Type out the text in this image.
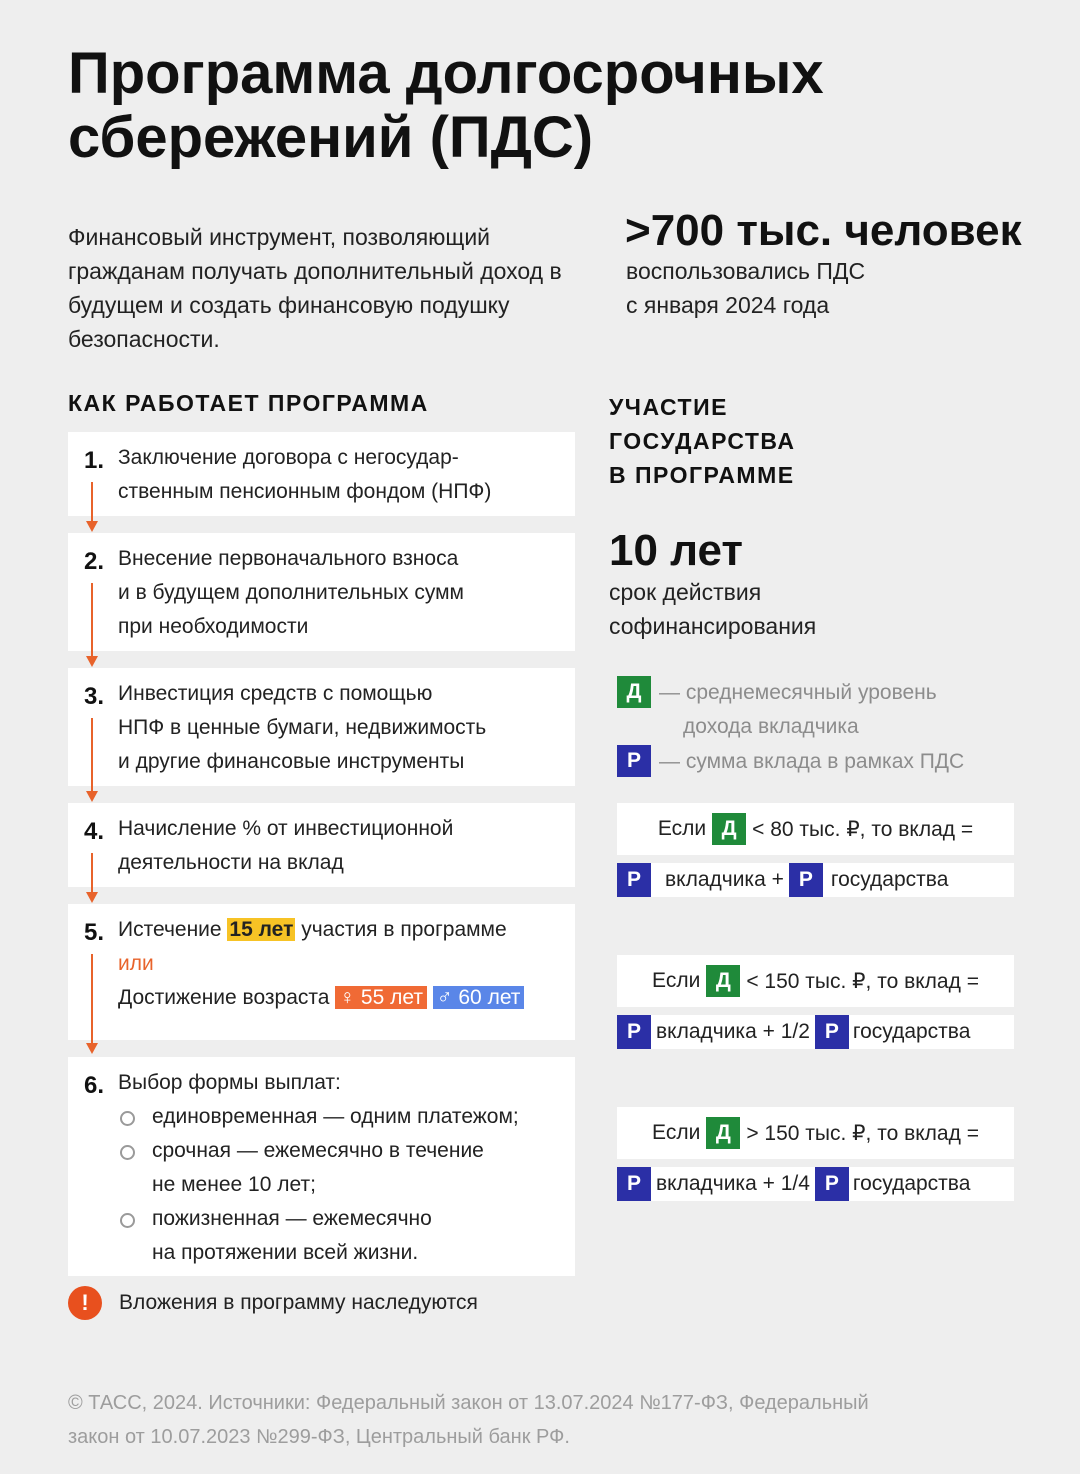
Программа долгосрочных
сбережений (ПДС)

Финансовый инструмент, позволяющий гражданам получать дополнительный доход в будущем и создать финансовую подушку безопасности.

>700 тыс. человек
воспользовались ПДС
с января 2024 года
КАК РАБОТАЕТ ПРОГРАММА
1. Заключение договора с негосудар-
ственным пенсионным фондом (НПФ)
2. Внесение первоначального взноса
и в будущем дополнительных сумм
при необходимости
3. Инвестиция средств с помощью
НПФ в ценные бумаги, недвижимость
и другие финансовые инструменты
4. Начисление % от инвестиционной
деятельности на вклад
5. Истечение 15 лет участия в программе
или
Достижение возраста ♀ 55 лет ♂ 60 лет
6. Выбор формы выплат:
единовременная — одним платежом;
срочная — ежемесячно в течение
не менее 10 лет;
пожизненная — ежемесячно
на протяжении всей жизни.
!	Вложения в программу наследуются
УЧАСТИЕ
ГОСУДАРСТВА
В ПРОГРАММЕ
10 лет
срок действия
софинансирования
Д — среднемесячный уровень
дохода вкладчика
Р — сумма вклада в рамках ПДС
Если Д < 80 тыс. ₽, то вклад =
Р	вкладчика + Р государства
Если Д < 150 тыс. ₽, то вклад =
Р вкладчика + 1/2 Р государства
Если Д > 150 тыс. ₽, то вклад =
Р вкладчика + 1/4 Р государства
© ТАСС, 2024. Источники: Федеральный закон от 13.07.2024 №177-ФЗ, Федеральный
закон от 10.07.2023 №299-ФЗ, Центральный банк РФ.
